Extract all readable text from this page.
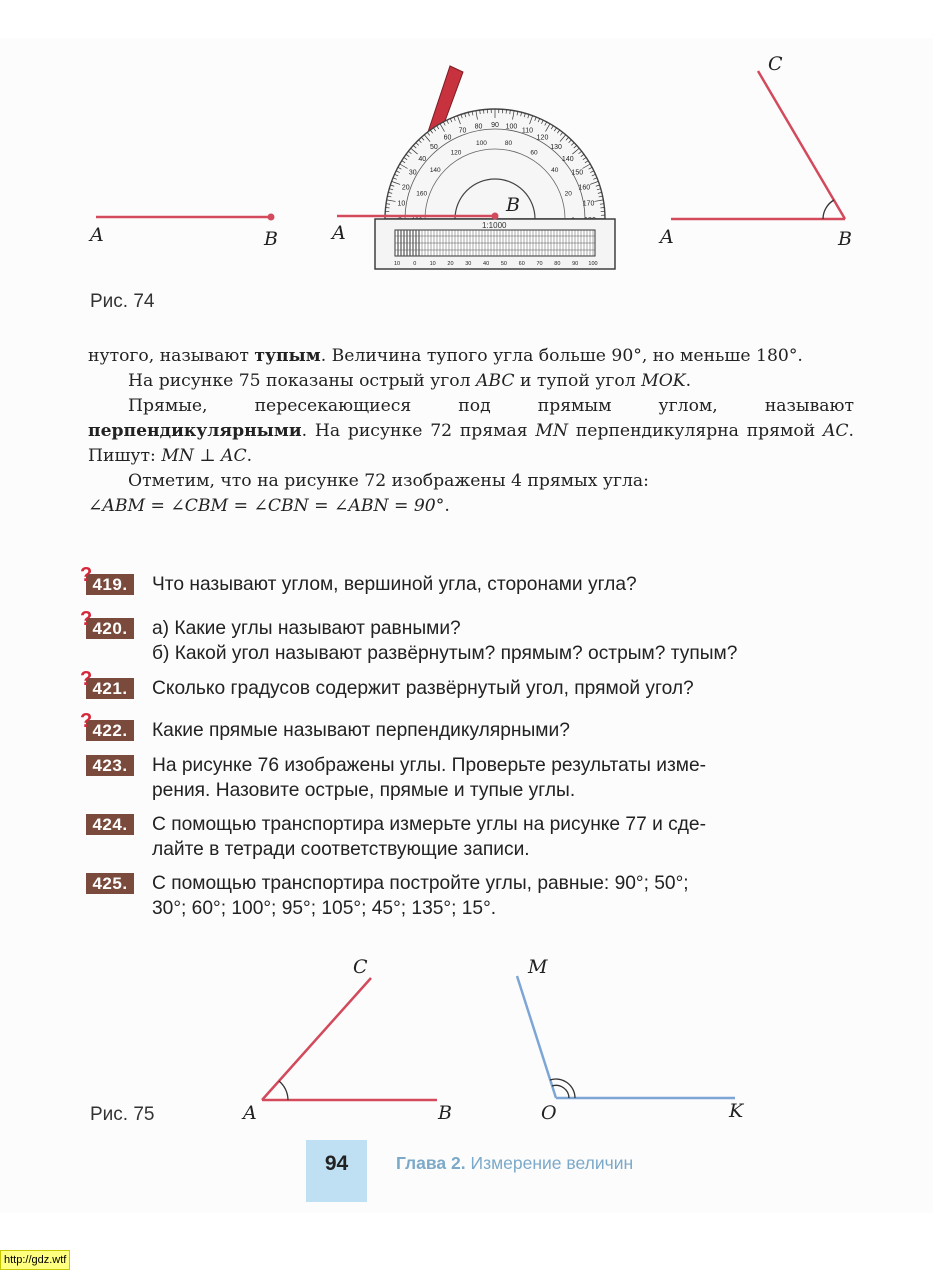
A	B
10
20
30
40
50
60
70
80 90 100
110
120
130
140
150
160
170
160
140
120
100	80
60
40
20
1:1000
10 0 10 20 30 40 50 60 70 80 90 100
A
B
C
A	B
Рис. 74

нутого, называют тупым. Величина тупого угла больше 90°, но меньше 180°.

На рисунке 75 показаны острый угол ABC и тупой угол MOK.

Прямые, пересекающиеся под прямым углом, называют перпендикулярными. На рисунке 72 прямая MN перпендикулярна прямой AC. Пишут: MN ⊥ AC.

Отметим, что на рисунке 72 изображены 4 прямых угла:
∠ABM = ∠CBM = ∠CBN = ∠ABN = 90°.

419.
?	Что называют углом, вершиной угла, сторонами угла?
420.
?	а) Какие углы называют равными?
б) Какой угол называют развёрнутым? прямым? острым? тупым?
421.
?	Сколько градусов содержит развёрнутый угол, прямой угол?
422.
?	Какие прямые называют перпендикулярными?
423.	На рисунке 76 изображены углы. Проверьте результаты изме-
рения. Назовите острые, прямые и тупые углы.
424.	С помощью транспортира измерьте углы на рисунке 77 и сде-
лайте в тетради соответствующие записи.
425.	С помощью транспортира постройте углы, равные: 90°; 50°;
30°; 60°; 100°; 95°; 105°; 45°; 135°; 15°.
C
A	B
M
O	K
Рис. 75
94	Глава 2. Измерение величин
http://gdz.wtf
